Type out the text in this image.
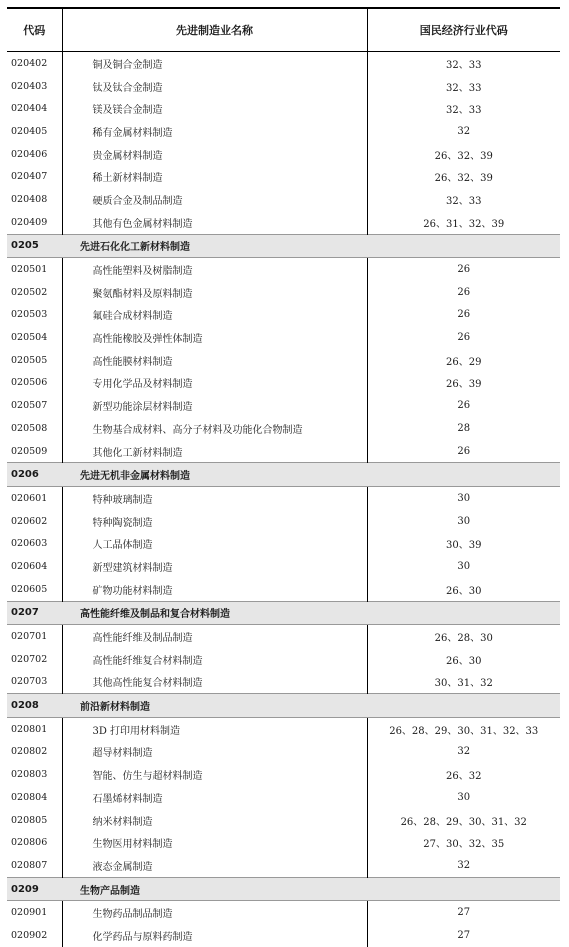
代码	先进制造业名称	国民经济行业代码
020402	铜及铜合金制造	32、33
020403	钛及钛合金制造	32、33
020404	镁及镁合金制造	32、33
020405	稀有金属材料制造	32
020406	贵金属材料制造	26、32、39
020407	稀土新材料制造	26、32、39
020408	硬质合金及制品制造	32、33
020409	其他有色金属材料制造	26、31、32、39
0205	先进石化化工新材料制造	
020501	高性能塑料及树脂制造	26
020502	聚氨酯材料及原料制造	26
020503	氟硅合成材料制造	26
020504	高性能橡胶及弹性体制造	26
020505	高性能膜材料制造	26、29
020506	专用化学品及材料制造	26、39
020507	新型功能涂层材料制造	26
020508	生物基合成材料、高分子材料及功能化合物制造	28
020509	其他化工新材料制造	26
0206	先进无机非金属材料制造	
020601	特种玻璃制造	30
020602	特种陶瓷制造	30
020603	人工晶体制造	30、39
020604	新型建筑材料制造	30
020605	矿物功能材料制造	26、30
0207	高性能纤维及制品和复合材料制造	
020701	高性能纤维及制品制造	26、28、30
020702	高性能纤维复合材料制造	26、30
020703	其他高性能复合材料制造	30、31、32
0208	前沿新材料制造	
020801	3D 打印用材料制造	26、28、29、30、31、32、33
020802	超导材料制造	32
020803	智能、仿生与超材料制造	26、32
020804	石墨烯材料制造	30
020805	纳米材料制造	26、28、29、30、31、32
020806	生物医用材料制造	27、30、32、35
020807	液态金属制造	32
0209	生物产品制造	
020901	生物药品制品制造	27
020902	化学药品与原料药制造	27
